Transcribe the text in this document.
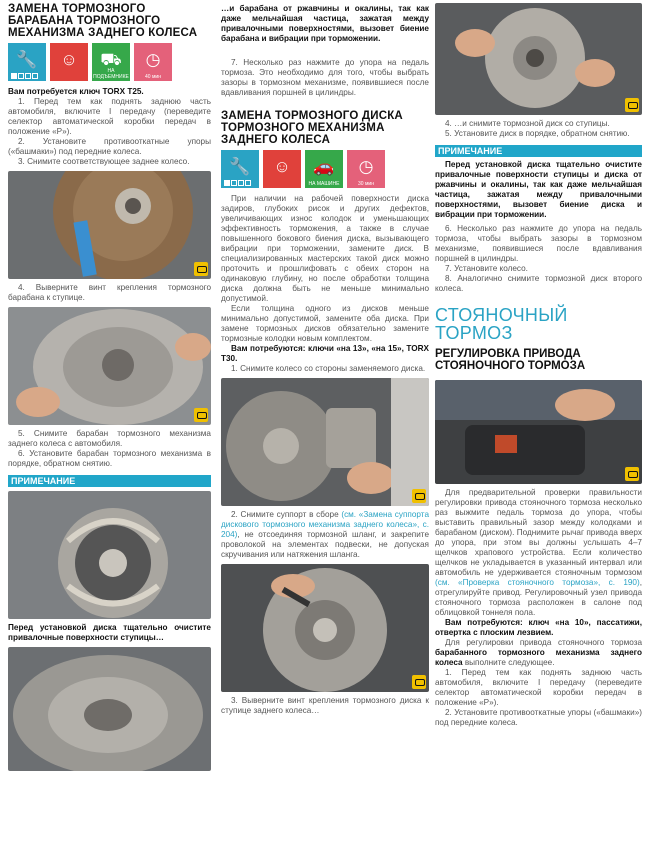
ЗАМЕНА ТОРМОЗНОГО БАРАБАНА ТОРМОЗНОГО МЕХАНИЗМА ЗАДНЕГО КОЛЕСА
🔧 ☺ ⛟
НА ПОДЪЕМНИКЕ
◷
40 мин

Вам потребуется ключ TORX T25.

1. Перед тем как поднять заднюю часть автомобиля, включите I передачу (переведите селектор автоматической коробки передач в положение «P»).

2. Установите противооткатные упоры («башмаки») под передние колеса.

3. Снимите соответствующее заднее колесо.

4. Выверните винт крепления тормозного барабана к ступице.

5. Снимите барабан тормозного механизма заднего колеса с автомобиля.

6. Установите барабан тормозного механизма в порядке, обратном снятию.

ПРИМЕЧАНИЕ

Перед установкой диска тщательно очистите привалочные поверхности ступицы…

…и барабана от ржавчины и окалины, так как даже мельчайшая частица, зажатая между привалочными поверхностями, вызовет биение барабана и вибрации при торможении.

7. Несколько раз нажмите до упора на педаль тормоза. Это необходимо для того, чтобы выбрать зазоры в тормозном механизме, появившиеся после вдавливания поршней в цилиндры.

ЗАМЕНА ТОРМОЗНОГО ДИСКА ТОРМОЗНОГО МЕХАНИЗМА ЗАДНЕГО КОЛЕСА
🔧 ☺ 🚗
НА МАШИНЕ
◷
30 мин

При наличии на рабочей поверхности диска задиров, глубоких рисок и других дефектов, увеличивающих износ колодок и уменьшающих эффективность торможения, а также в случае повышенного бокового биения диска, вызывающего вибрации при торможении, замените диск. В специализированных мастерских такой диск можно проточить и прошлифовать с обеих сторон на одинаковую глубину, но после обработки толщина диска должна быть не меньше минимально допустимой.

Если толщина одного из дисков меньше минимально допустимой, замените оба диска. При замене тормозных дисков обязательно замените тормозные колодки новым комплектом.

Вам потребуются: ключи «на 13», «на 15», TORX T30.

1. Снимите колесо со стороны заменяемого диска.

2. Снимите суппорт в сборе (см. «Замена суппорта дискового тормозного механизма заднего колеса», с. 204), не отсоединяя тормозной шланг, и закрепите проволокой на элементах подвески, не допуская скручивания или натяжения шланга.

3. Выверните винт крепления тормозного диска к ступице заднего колеса…

4. …и снимите тормозной диск со ступицы.

5. Установите диск в порядке, обратном снятию.

ПРИМЕЧАНИЕ

Перед установкой диска тщательно очистите привалочные поверхности ступицы и диска от ржавчины и окалины, так как даже мельчайшая частица, зажатая между привалочными поверхностями, вызовет биение диска и вибрации при торможении.

6. Несколько раз нажмите до упора на педаль тормоза, чтобы выбрать зазоры в тормозном механизме, появившиеся после вдавливания поршней в цилиндры.

7. Установите колесо.

8. Аналогично снимите тормозной диск второго колеса.

СТОЯНОЧНЫЙ ТОРМОЗ
РЕГУЛИРОВКА ПРИВОДА СТОЯНОЧНОГО ТОРМОЗА

Для предварительной проверки правильности регулировки привода стояночного тормоза несколько раз выжмите педаль тормоза до упора, чтобы выставить правильный зазор между колодками и барабаном (диском). Поднимите рычаг привода вверх до упора, при этом вы должны услышать 4–7 щелчков храпового устройства. Если количество щелчков не укладывается в указанный интервал или автомобиль не удерживается стояночным тормозом (см. «Проверка стояночного тормоза», с. 190), отрегулируйте привод. Регулировочный узел привода стояночного тормоза расположен в салоне под облицовкой тоннеля пола.

Вам потребуются: ключ «на 10», пассатижи, отвертка с плоским лезвием.

Для регулировки привода стояночного тормоза барабанного тормозного механизма заднего колеса выполните следующее.

1. Перед тем как поднять заднюю часть автомобиля, включите I передачу (переведите селектор автоматической коробки передач в положение «P»).

2. Установите противооткатные упоры («башмаки») под передние колеса.
